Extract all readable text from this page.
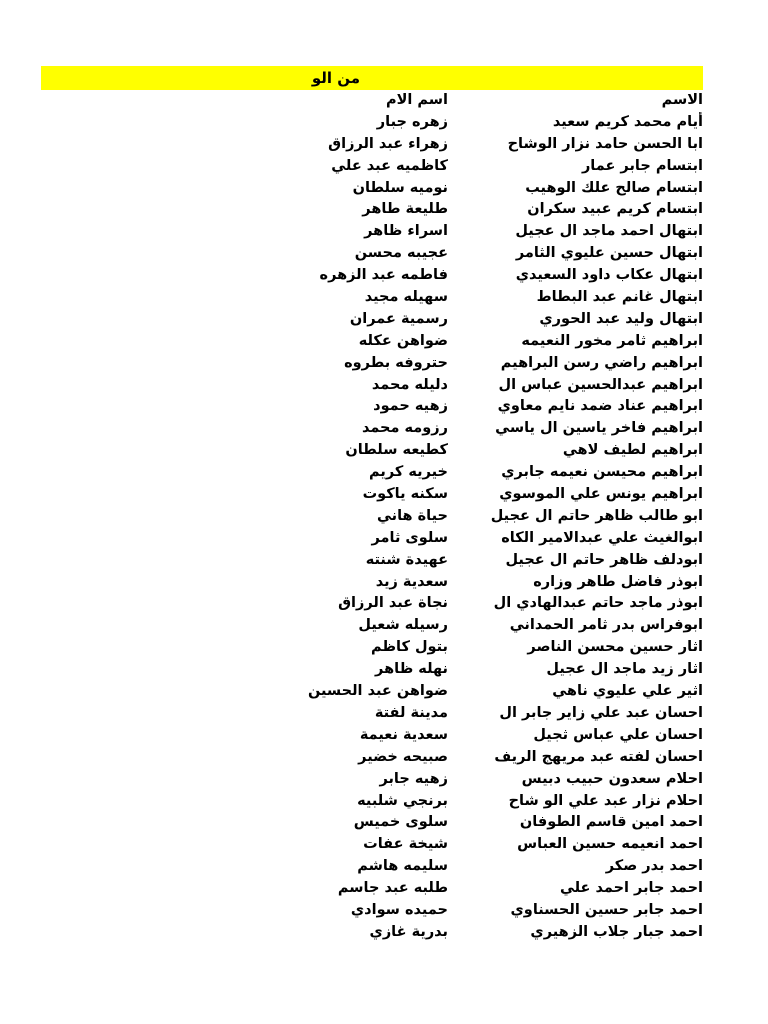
من الو
الاسم
اسم الام
أيام محمد كريم سعيد
زهره جبار
ابا الحسن حامد نزار الوشاح
زهراء عبد الرزاق
ابتسام جابر عمار
كاظميه عبد علي
ابتسام صالح علك الوهيب
نوميه سلطان
ابتسام كريم عبيد سكران
طليعة طاهر
ابتهال احمد ماجد ال عجيل
اسراء ظاهر
ابتهال حسين عليوي الثامر
عجيبه محسن
ابتهال عكاب داود السعيدي
فاطمه عبد الزهره
ابتهال غانم عبد البطاط
سهيله مجيد
ابتهال وليد عبد الحوري
رسمية عمران
ابراهيم ثامر مخور النعيمه
ضواهن عكله
ابراهيم راضي رسن البراهيم
حتروفه بطروه
ابراهيم عبدالحسين عباس ال
دليله محمد
ابراهيم عناد ضمد نايم معاوي
زهيه حمود
ابراهيم فاخر ياسين ال ياسي
رزومه محمد
ابراهيم لطيف لاهي
كطيعه سلطان
ابراهيم محيسن نعيمه جابري
خيريه كريم
ابراهيم يونس علي الموسوي
سكنه ياكوت
ابو طالب ظاهر حاتم ال عجيل
حياة هاني
ابوالغيث علي عبدالامير الكاه
سلوى ثامر
ابودلف ظاهر حاتم ال عجيل
عهيدة شنته
ابوذر فاضل طاهر وزاره
سعدية زيد
ابوذر ماجد حاتم عبدالهادي ال
نجاة عبد الرزاق
ابوفراس بدر ثامر الحمداني
رسيله شعيل
اثار حسين محسن الناصر
بتول كاظم
اثار زيد ماجد ال عجيل
نهله ظاهر
اثير علي عليوي ناهي
ضواهن عبد الحسين
احسان عبد علي زاير جابر ال
مدينة لفتة
احسان علي عباس ثجيل
سعدية نعيمة
احسان لفته عبد مريهج الريف
صبيحه خضير
احلام سعدون حبيب دبيس
زهيه جابر
احلام نزار عبد علي الو شاح
برنجي شلبيه
احمد امين قاسم الطوفان
سلوى خميس
احمد انعيمه حسين العباس
شيخة عفات
احمد بدر صكر
سليمه هاشم
احمد جابر احمد علي
طلبه عبد جاسم
احمد جابر حسين الحسناوي
حميده سوادي
احمد جبار جلاب الزهيري
بدرية غازي
